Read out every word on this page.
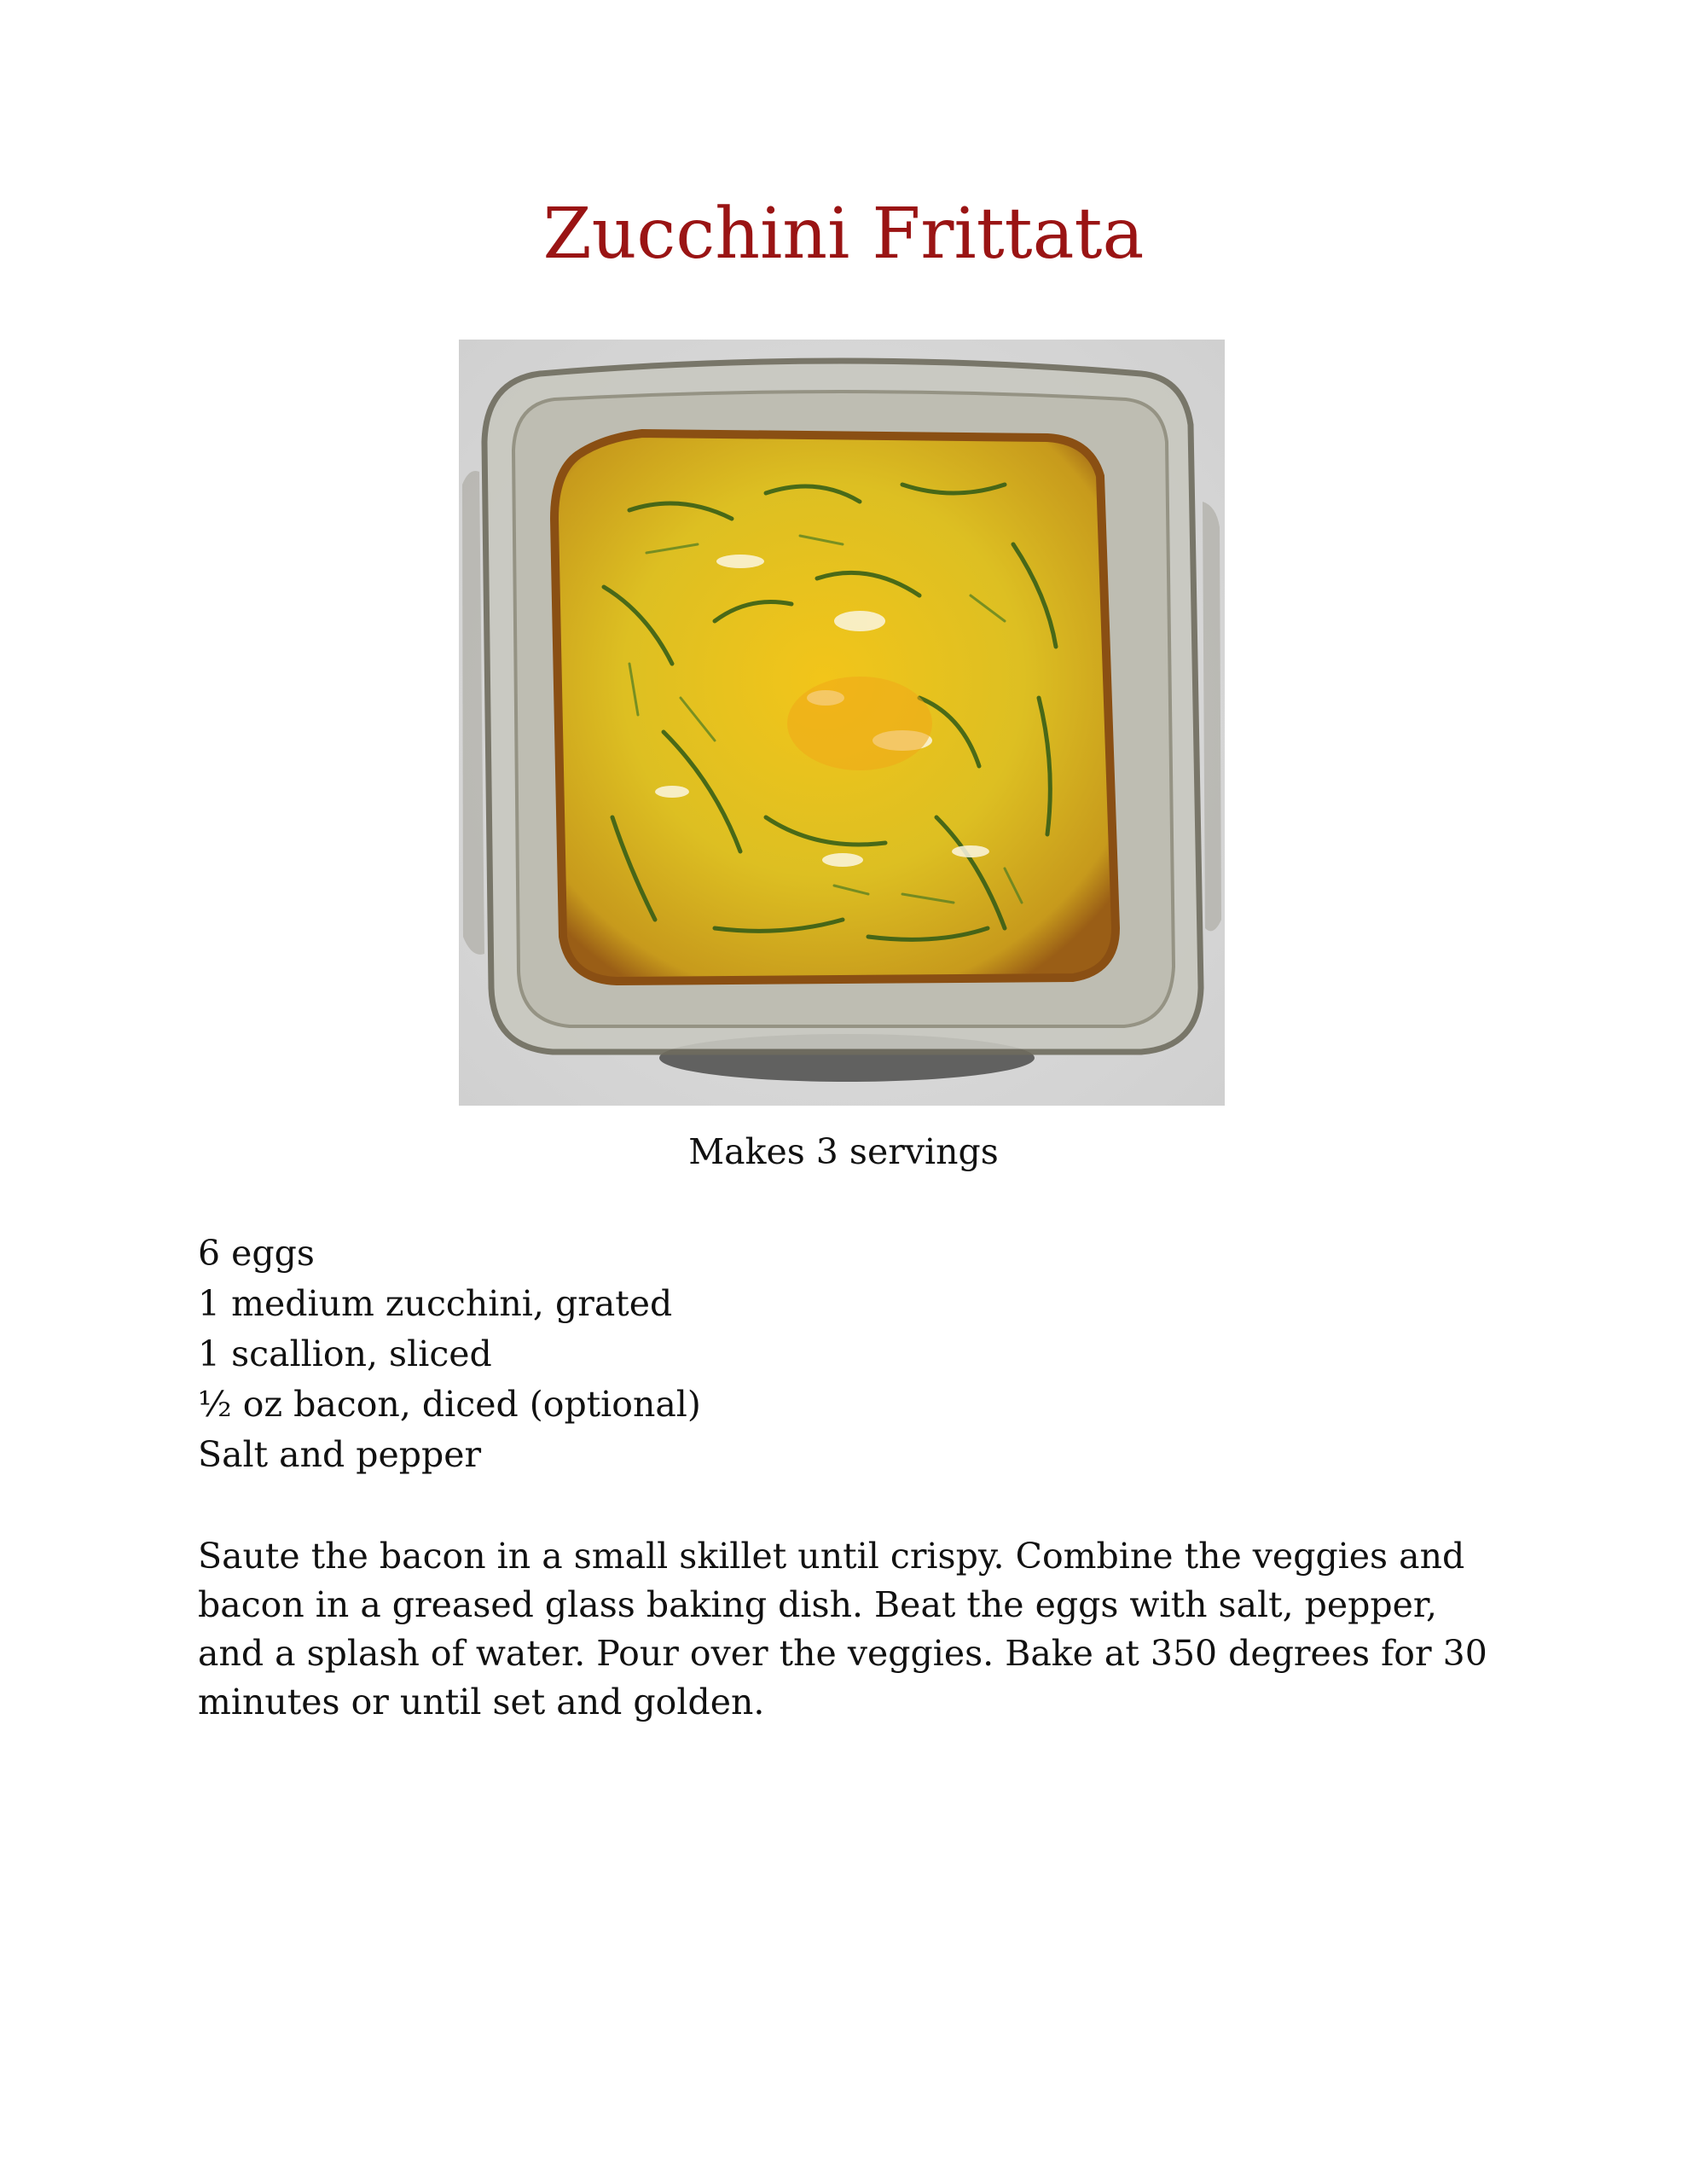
Zucchini Frittata

Makes 3 servings

6 eggs
1 medium zucchini, grated
1 scallion, sliced
½ oz bacon, diced (optional)
Salt and pepper

Saute the bacon in a small skillet until crispy. Combine the veggies and bacon in a greased glass baking dish. Beat the eggs with salt, pepper, and a splash of water. Pour over the veggies. Bake at 350 degrees for 30 minutes or until set and golden.
